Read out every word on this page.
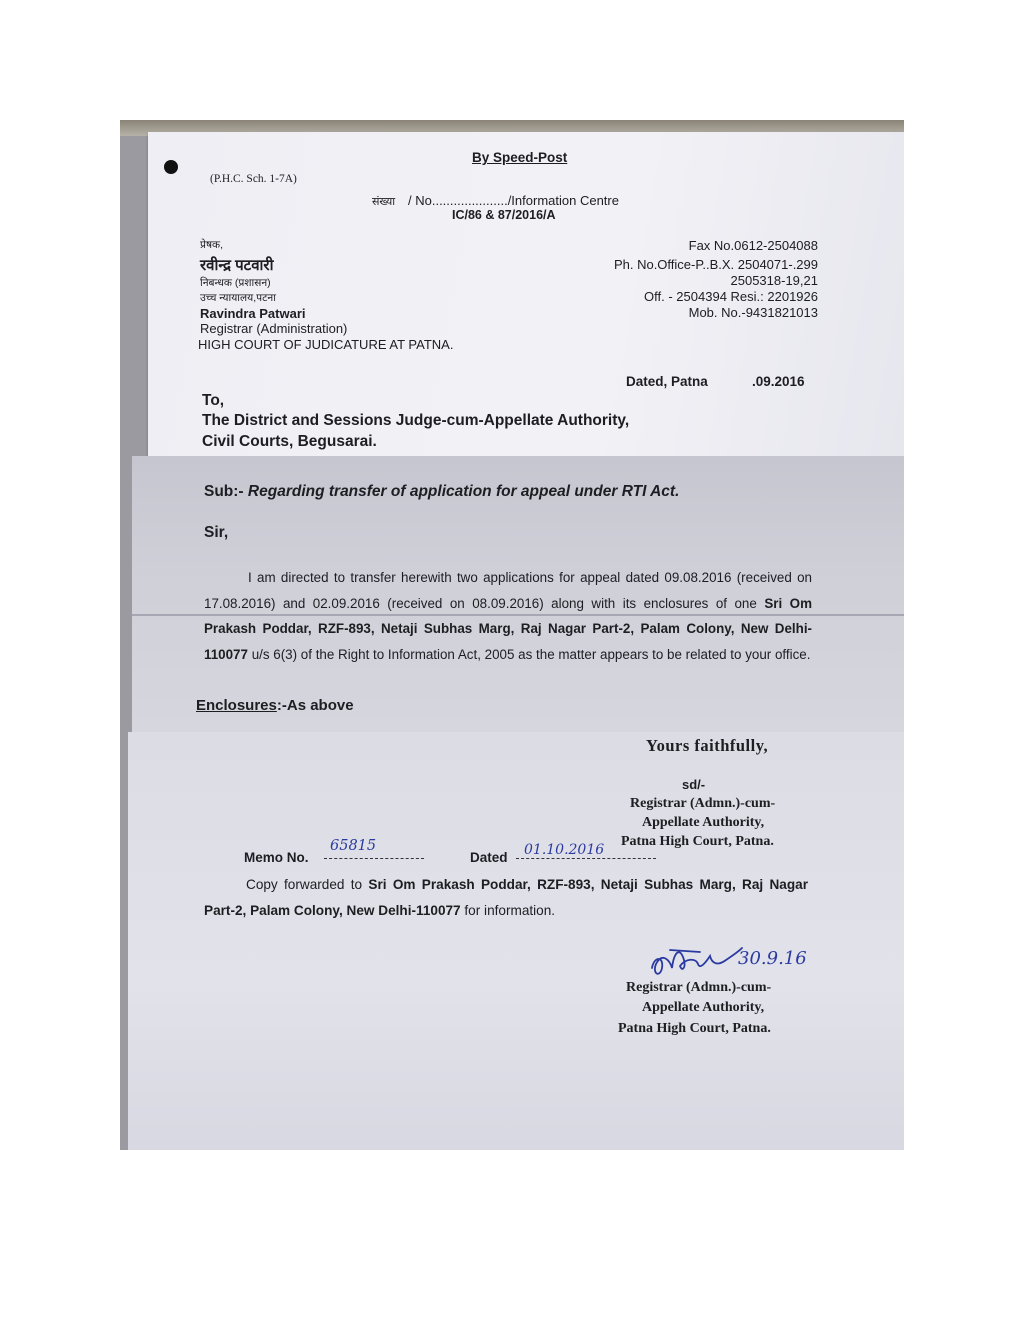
By Speed-Post
(P.H.C. Sch. 1-7A)
संख्या / No...................../Information Centre
IC/86 & 87/2016/A
प्रेषक,
रवीन्द्र पटवारी
निबन्धक (प्रशासन)
उच्च न्यायालय,पटना
Ravindra Patwari
Registrar (Administration)
HIGH COURT OF JUDICATURE AT PATNA.
Fax No.0612-2504088
Ph. No.Office-P..B.X. 2504071-.299
2505318-19,21
Off. - 2504394 Resi.: 2201926
Mob. No.-9431821013
Dated, Patna	.09.2016
To,
The District and Sessions Judge-cum-Appellate Authority,
Civil Courts, Begusarai.
Sub:- Regarding transfer of application for appeal under RTI Act.
Sir,
I am directed to transfer herewith two applications for appeal dated 09.08.2016 (received on 17.08.2016) and 02.09.2016 (received on 08.09.2016) along with its enclosures of one Sri Om Prakash Poddar, RZF-893, Netaji Subhas Marg, Raj Nagar Part-2, Palam Colony, New Delhi-110077 u/s 6(3) of the Right to Information Act, 2005 as the matter appears to be related to your office.
Enclosures:-As above
Yours faithfully,
sd/-
Registrar (Admn.)-cum-
Appellate Authority,
Patna High Court, Patna.
Memo No.
65815
Dated 01.10.2016
Copy forwarded to Sri Om Prakash Poddar, RZF-893, Netaji Subhas Marg, Raj Nagar Part-2, Palam Colony, New Delhi-110077 for information.
30.9.16
Registrar (Admn.)-cum-
Appellate Authority,
Patna High Court, Patna.
